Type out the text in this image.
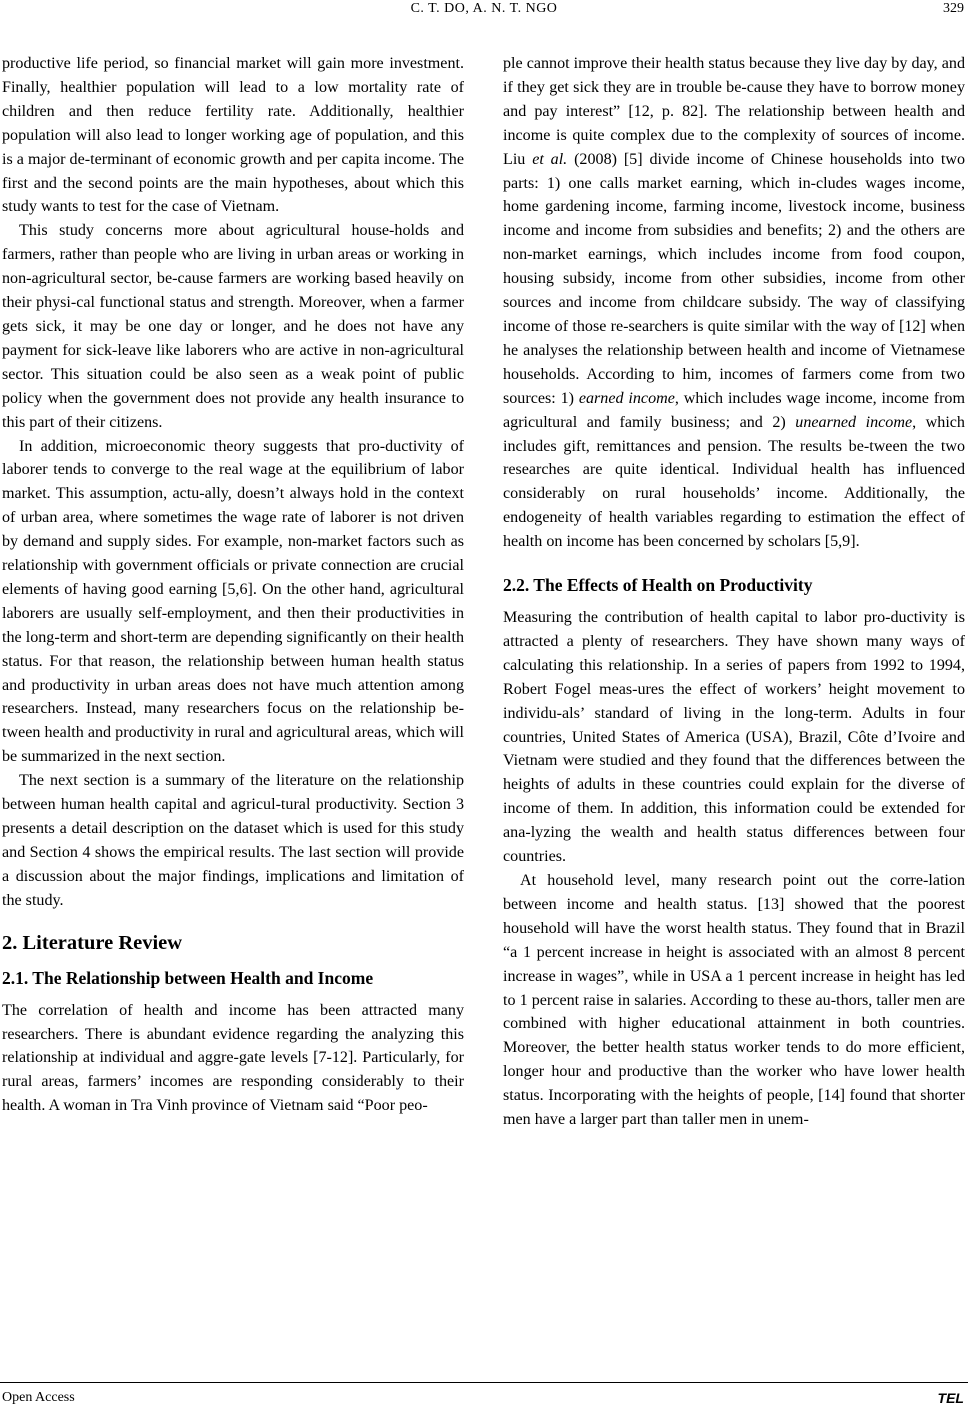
C. T. DO, A. N. T. NGO	329

productive life period, so financial market will gain more investment. Finally, healthier population will lead to a low mortality rate of children and then reduce fertility rate. Additionally, healthier population will also lead to longer working age of population, and this is a major de-terminant of economic growth and per capita income. The first and the second points are the main hypotheses, about which this study wants to test for the case of Vietnam.

This study concerns more about agricultural house-holds and farmers, rather than people who are living in urban areas or working in non-agricultural sector, be-cause farmers are working based heavily on their physi-cal functional status and strength. Moreover, when a farmer gets sick, it may be one day or longer, and he does not have any payment for sick-leave like laborers who are active in non-agricultural sector. This situation could be also seen as a weak point of public policy when the government does not provide any health insurance to this part of their citizens.

In addition, microeconomic theory suggests that pro-ductivity of laborer tends to converge to the real wage at the equilibrium of labor market. This assumption, actu-ally, doesn’t always hold in the context of urban area, where sometimes the wage rate of laborer is not driven by demand and supply sides. For example, non-market factors such as relationship with government officials or private connection are crucial elements of having good earning [5,6]. On the other hand, agricultural laborers are usually self-employment, and then their productivities in the long-term and short-term are depending significantly on their health status. For that reason, the relationship between human health status and productivity in urban areas does not have much attention among researchers. Instead, many researchers focus on the relationship be-tween health and productivity in rural and agricultural areas, which will be summarized in the next section.

The next section is a summary of the literature on the relationship between human health capital and agricul-tural productivity. Section 3 presents a detail description on the dataset which is used for this study and Section 4 shows the empirical results. The last section will provide a discussion about the major findings, implications and limitation of the study.

2. Literature Review
2.1. The Relationship between Health and Income

The correlation of health and income has been attracted many researchers. There is abundant evidence regarding the analyzing this relationship at individual and aggre-gate levels [7-12]. Particularly, for rural areas, farmers’ incomes are responding considerably to their health. A woman in Tra Vinh province of Vietnam said “Poor peo-

ple cannot improve their health status because they live day by day, and if they get sick they are in trouble be-cause they have to borrow money and pay interest” [12, p. 82]. The relationship between health and income is quite complex due to the complexity of sources of income. Liu et al. (2008) [5] divide income of Chinese households into two parts: 1) one calls market earning, which in-cludes wages income, home gardening income, farming income, livestock income, business income and income from subsidies and benefits; 2) and the others are non-market earnings, which includes income from food coupon, housing subsidy, income from other subsidies, income from other sources and income from childcare subsidy. The way of classifying income of those re-searchers is quite similar with the way of [12] when he analyses the relationship between health and income of Vietnamese households. According to him, incomes of farmers come from two sources: 1) earned income, which includes wage income, income from agricultural and family business; and 2) unearned income, which includes gift, remittances and pension. The results be-tween the two researches are quite identical. Individual health has influenced considerably on rural households’ income. Additionally, the endogeneity of health variables regarding to estimation the effect of health on income has been concerned by scholars [5,9].

2.2. The Effects of Health on Productivity

Measuring the contribution of health capital to labor pro-ductivity is attracted a plenty of researchers. They have shown many ways of calculating this relationship. In a series of papers from 1992 to 1994, Robert Fogel meas-ures the effect of workers’ height movement to individu-als’ standard of living in the long-term. Adults in four countries, United States of America (USA), Brazil, Côte d’Ivoire and Vietnam were studied and they found that the differences between the heights of adults in these countries could explain for the diverse of income of them. In addition, this information could be extended for ana-lyzing the wealth and health status differences between four countries.

At household level, many research point out the corre-lation between income and health status. [13] showed that the poorest household will have the worst health status. They found that in Brazil “a 1 percent increase in height is associated with an almost 8 percent increase in wages”, while in USA a 1 percent increase in height has led to 1 percent raise in salaries. According to these au-thors, taller men are combined with higher educational attainment in both countries. Moreover, the better health status worker tends to do more efficient, longer hour and productive than the worker who have lower health status. Incorporating with the heights of people, [14] found that shorter men have a larger part than taller men in unem-

Open Access	TEL
